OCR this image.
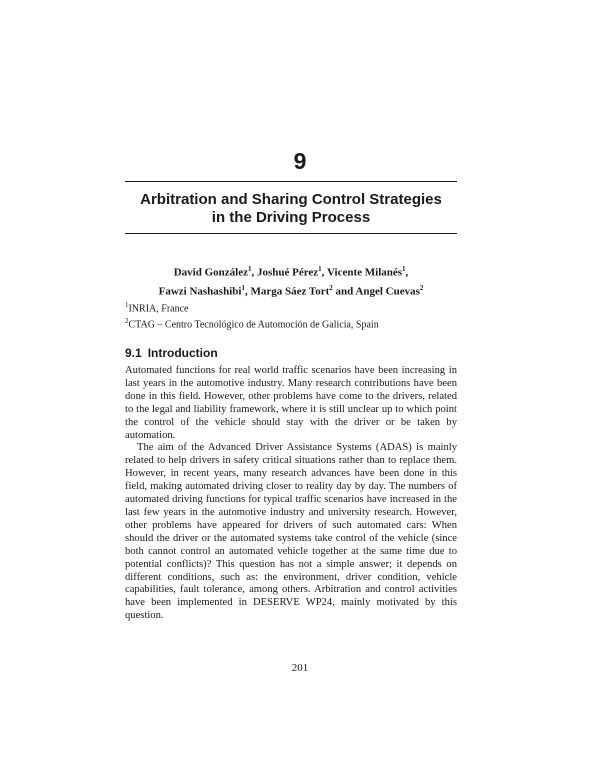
9
Arbitration and Sharing Control Strategies
in the Driving Process
David González$^1$, Joshué Pérez$^1$, Vicente Milanés$^1$,
Fawzi Nashashibi$^1$, Marga Sáez Tort$^2$ and Angel Cuevas$^2$
$^1$INRIA, France
$^2$CTAG – Centro Tecnológico de Automoción de Galicia, Spain
9.1 Introduction

Automated functions for real world traffic scenarios have been increasing in last years in the automotive industry. Many research contributions have been done in this field. However, other problems have come to the drivers, related to the legal and liability framework, where it is still unclear up to which point the control of the vehicle should stay with the driver or be taken by automation.

The aim of the Advanced Driver Assistance Systems (ADAS) is mainly related to help drivers in safety critical situations rather than to replace them. However, in recent years, many research advances have been done in this field, making automated driving closer to reality day by day. The numbers of automated driving functions for typical traffic scenarios have increased in the last few years in the automotive industry and university research. However, other problems have appeared for drivers of such automated cars: When should the driver or the automated systems take control of the vehicle (since both cannot control an automated vehicle together at the same time due to potential conflicts)? This question has not a simple answer; it depends on different conditions, such as: the environment, driver condition, vehicle capabilities, fault tolerance, among others. Arbitration and control activities have been implemented in DESERVE WP24, mainly motivated by this question.

201
